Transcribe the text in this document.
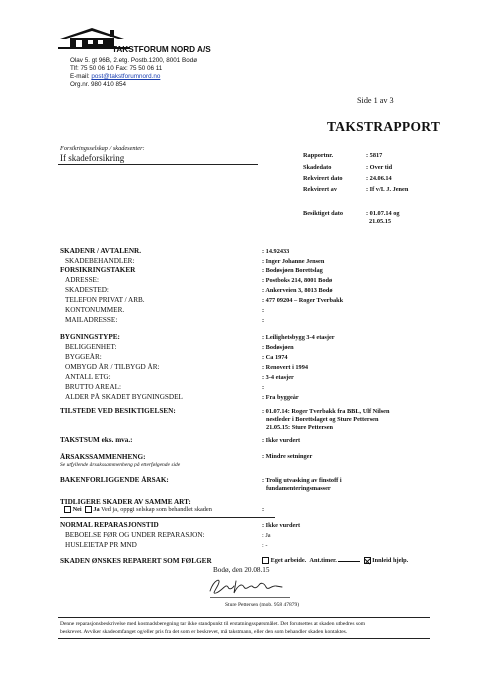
TAKSTFORUM NORD A/S
Olav 5. gt 96B, 2.etg. Postb.1200, 8001 Bodø
Tlf: 75 50 06 10 Fax: 75 50 06 11
E-mail: post@takstforumnord.no
Org.nr. 980 410 854
Side 1 av 3
TAKSTRAPPORT
Forsikringsselskap / skadesenter:
If skadeforsikring	Rapportnr.	: 5817
Skadedato	: Over tid
Rekvirert dato	: 24.06.14
Rekvirert av	: If v/I. J. Jenen
Besiktiget dato	: 01.07.14 og
21.05.15
SKADENR / AVTALENR.	: 14.92433
SKADEBEHANDLER:	: Inger Johanne Jensen
FORSIKRINGSTAKER	: Bodøsjøen Borettslag
ADRESSE:	: Postboks 214, 8001 Bodø
SKADESTED:	: Ankerveien 3, 8013 Bodø
TELEFON PRIVAT / ARB.	: 477 09204 – Roger Tverbakk
KONTONUMMER.	:
MAILADRESSE:	:
BYGNINGSTYPE:	: Leilighetsbygg 3-4 etasjer
BELIGGENHET:	: Bodøsjøen
BYGGEÅR:	: Ca 1974
OMBYGD ÅR / TILBYGD ÅR:	: Renovert i 1994
ANTALL ETG:	: 3-4 etasjer
BRUTTO AREAL:	:
ALDER PÅ SKADET BYGNINGSDEL	: Fra byggeår
TILSTEDE VED BESIKTIGELSEN:	: 01.07.14: Roger Tverbakk fra BBL, Ulf Nilsen
nestleder i Borettslaget og Sture Pettersen
21.05.15: Sture Pettersen
TAKSTSUM eks. mva.:	: Ikke vurdert
ÅRSAKSSAMMENHENG:
Se utfyllende årsakssammenheng på etterfølgende side
: Mindre setninger
BAKENFORLIGGENDE ÅRSAK:	: Trolig utvasking av finstoff i
fundamenteringsmasser
TIDLIGERE SKADER AV SAMME ART:
Nei Ja Ved ja, oppgi selskap som behandlet skaden	:
NORMAL REPARASJONSTID	: Ikke vurdert
BEBOELSE FØR OG UNDER REPARASJON:	: Ja
HUSLEIETAP PR MND	: -
SKADEN ØNSKES REPARERT SOM FØLGER	Eget arbeide. Ant.timer.	Innleid hjelp.
Bodø, den 20.08.15
Sture Pettersen (mob. 958 47879)
Denne reparasjonsbeskrivelse med kostnadsberegning tar ikke standpunkt til erstatningsspørsmålet. Det forutsettes at skaden utbedres som
beskrevet. Avviker skadeomfanget og/eller pris fra det som er beskrevet, må takstmann, eller den som behandler skaden kontaktes.
